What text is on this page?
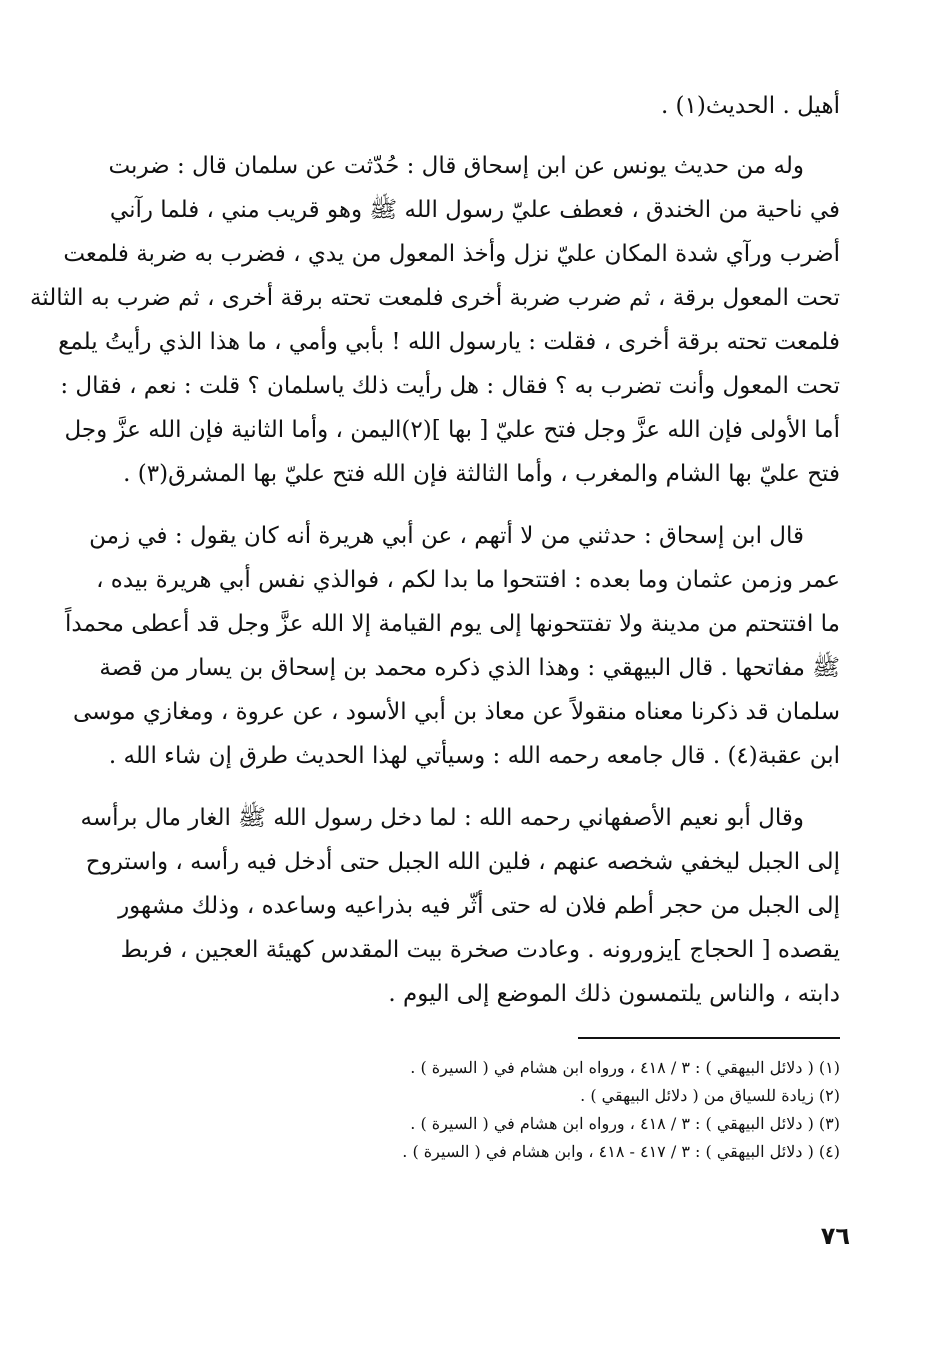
أهيل . الحديث(١) .
وله من حديث يونس عن ابن إسحاق قال : حُدّثت عن سلمان قال : ضربت
في ناحية من الخندق ، فعطف عليّ رسول الله ﷺ وهو قريب مني ، فلما رآني
أضرب ورآي شدة المكان عليّ نزل وأخذ المعول من يدي ، فضرب به ضربة فلمعت
تحت المعول برقة ، ثم ضرب ضربة أخرى فلمعت تحته برقة أخرى ، ثم ضرب به الثالثة
فلمعت تحته برقة أخرى ، فقلت : يارسول الله ! بأبي وأمي ، ما هذا الذي رأيتُ يلمع
تحت المعول وأنت تضرب به ؟ فقال : هل رأيت ذلك ياسلمان ؟ قلت : نعم ، فقال :
أما الأولى فإن الله عزَّ وجل فتح عليّ [ بها ](٢)اليمن ، وأما الثانية فإن الله عزَّ وجل
فتح عليّ بها الشام والمغرب ، وأما الثالثة فإن الله فتح عليّ بها المشرق(٣) .
قال ابن إسحاق : حدثني من لا أتهم ، عن أبي هريرة أنه كان يقول : في زمن
عمر وزمن عثمان وما بعده : افتتحوا ما بدا لكم ، فوالذي نفس أبي هريرة بيده ،
ما افتتحتم من مدينة ولا تفتتحونها إلى يوم القيامة إلا الله عزَّ وجل قد أعطى محمداً
ﷺ مفاتحها . قال البيهقي : وهذا الذي ذكره محمد بن إسحاق بن يسار من قصة
سلمان قد ذكرنا معناه منقولاً عن معاذ بن أبي الأسود ، عن عروة ، ومغازي موسى
ابن عقبة(٤) . قال جامعه رحمه الله : وسيأتي لهذا الحديث طرق إن شاء الله .
وقال أبو نعيم الأصفهاني رحمه الله : لما دخل رسول الله ﷺ الغار مال برأسه
إلى الجبل ليخفي شخصه عنهم ، فلين الله الجبل حتى أدخل فيه رأسه ، واستروح
إلى الجبل من حجر أطم فلان له حتى أثّر فيه بذراعيه وساعده ، وذلك مشهور
يقصده [ الحجاج ]يزورونه . وعادت صخرة بيت المقدس كهيئة العجين ، فربط
دابته ، والناس يلتمسون ذلك الموضع إلى اليوم .
(١) ( دلائل البيهقي ) : ٣ / ٤١٨ ، ورواه ابن هشام في ( السيرة ) .
(٢) زيادة للسياق من ( دلائل البيهقي ) .
(٣) ( دلائل البيهقي ) : ٣ / ٤١٨ ، ورواه ابن هشام في ( السيرة ) .
(٤) ( دلائل البيهقي ) : ٣ / ٤١٧ - ٤١٨ ، وابن هشام في ( السيرة ) .
٧٦
